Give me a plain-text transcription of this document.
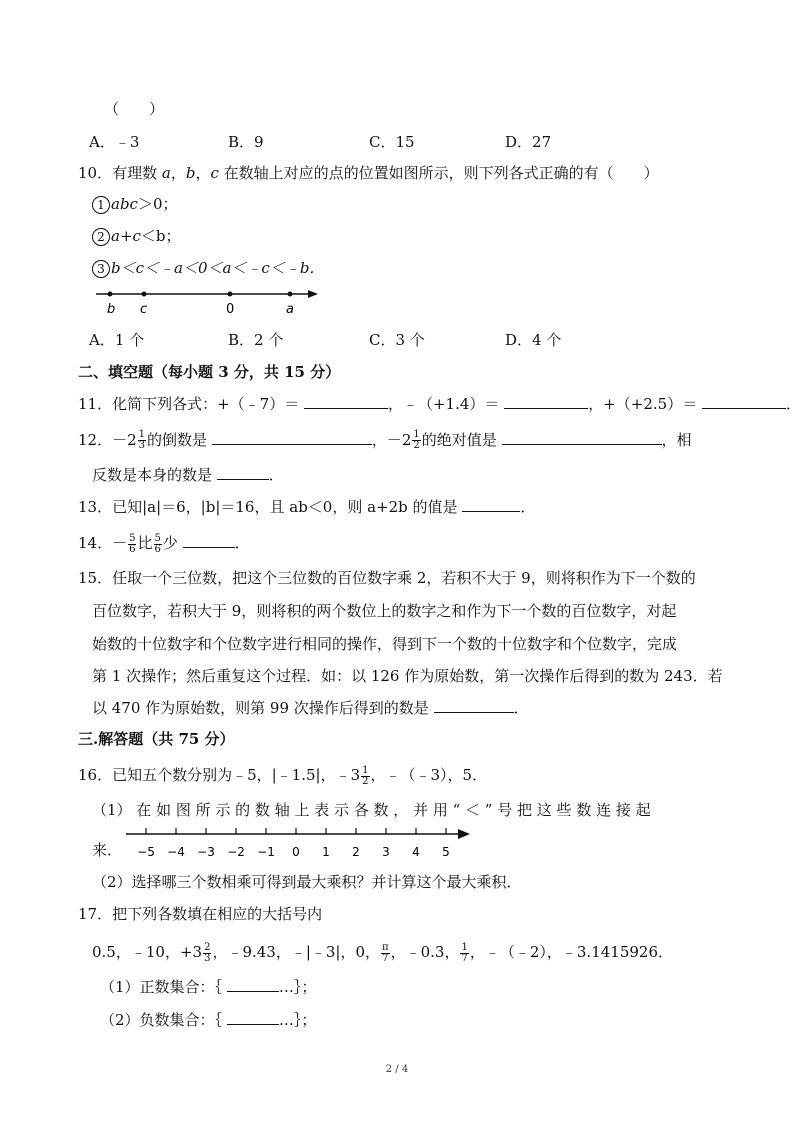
（　　）
A．﹣3	B．9	C．15	D．27
10．有理数 a，b，c 在数轴上对应的点的位置如图所示，则下列各式正确的有（　　）
1 abc＞0；
2 a+c＜b；
3 b＜c＜﹣a＜0＜a＜﹣c＜﹣b．
b c	0	a
A．1 个	B．2 个	C．3 个	D．4 个
二、填空题（每小题 3 分，共 15 分）
11．化简下列各式：+（﹣7）＝	，﹣（+1.4）＝	，+（+2.5）＝	．
12． $-2 \frac{1}{3}$ 的倒数是	， $-2 \frac{1}{2}$ 的绝对值是	，相
反数是本身的数是	．
13．已知|a|＝6，|b|＝16，且 ab＜0，则 a+2b 的值是	．
14．－ $\frac{5}{6}$ 比 $\frac{5}{6}$ 少	．
15．任取一个三位数，把这个三位数的百位数字乘 2，若积不大于 9，则将积作为下一个数的
百位数字，若积大于 9，则将积的两个数位上的数字之和作为下一个数的百位数字，对起
始数的十位数字和个位数字进行相同的操作，得到下一个数的十位数字和个位数字，完成
第 1 次操作；然后重复这个过程．如：以 126 作为原始数，第一次操作后得到的数为 243．若
以 470 作为原始数，则第 99 次操作后得到的数是	．
三.解答题（共 75 分）
16．已知五个数分别为﹣5，|﹣1.5|，﹣3 $\frac{1}{2}$ ，﹣（﹣3），5．
（1） 在 如 图 所 示 的 数 轴 上 表 示 各 数 ， 并 用 “ ＜ ” 号 把 这 些 数 连 接 起
来． −5 −4 −3 −2 −1 0 1 2 3 4 5
（2）选择哪三个数相乘可得到最大乘积？并计算这个最大乘积．
17．把下列各数填在相应的大括号内
0.5，﹣10，$+3 \frac{2}{3}$ ，﹣9.43，﹣|﹣3|，0， $\frac{\pi}{7}$ ，﹣0.3， $\frac{1}{7}$ ，﹣（﹣2），﹣3.1415926．
（1）正数集合：｛	…｝；
（2）负数集合：｛	…｝；
2 / 4
